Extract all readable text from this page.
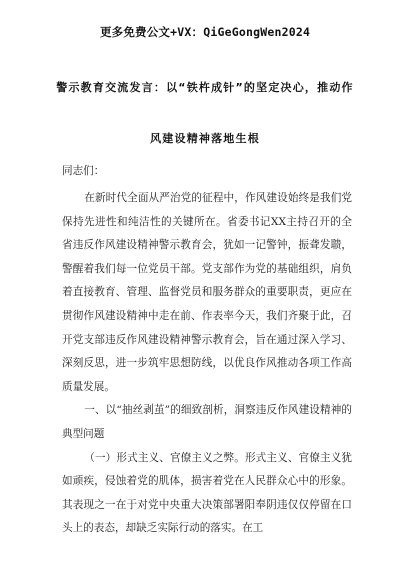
更多免费公文+VX：QiGeGongWen2024
警示教育交流发言：以“铁杵成针”的坚定决心，推动作
风建设精神落地生根
同志们：

在新时代全面从严治党的征程中，作风建设始终是我们党保持先进性和纯洁性的关键所在。省委书记XX主持召开的全省违反作风建设精神警示教育会，犹如一记警钟，振聋发聩，警醒着我们每一位党员干部。党支部作为党的基础组织，肩负着直接教育、管理、监督党员和服务群众的重要职责，更应在贯彻作风建设精神中走在前、作表率今天，我们齐聚于此，召开党支部违反作风建设精神警示教育会，旨在通过深入学习、深刻反思，进一步筑牢思想防线，以优良作风推动各项工作高质量发展。

一、以“抽丝剥茧”的细致剖析，洞察违反作风建设精神的典型问题

（一）形式主义、官僚主义之弊。形式主义、官僚主义犹如顽疾，侵蚀着党的肌体，损害着党在人民群众心中的形象。其表现之一在于对党中央重大决策部署阳奉阴违仅仅停留在口头上的表态，却缺乏实际行动的落实。在工
